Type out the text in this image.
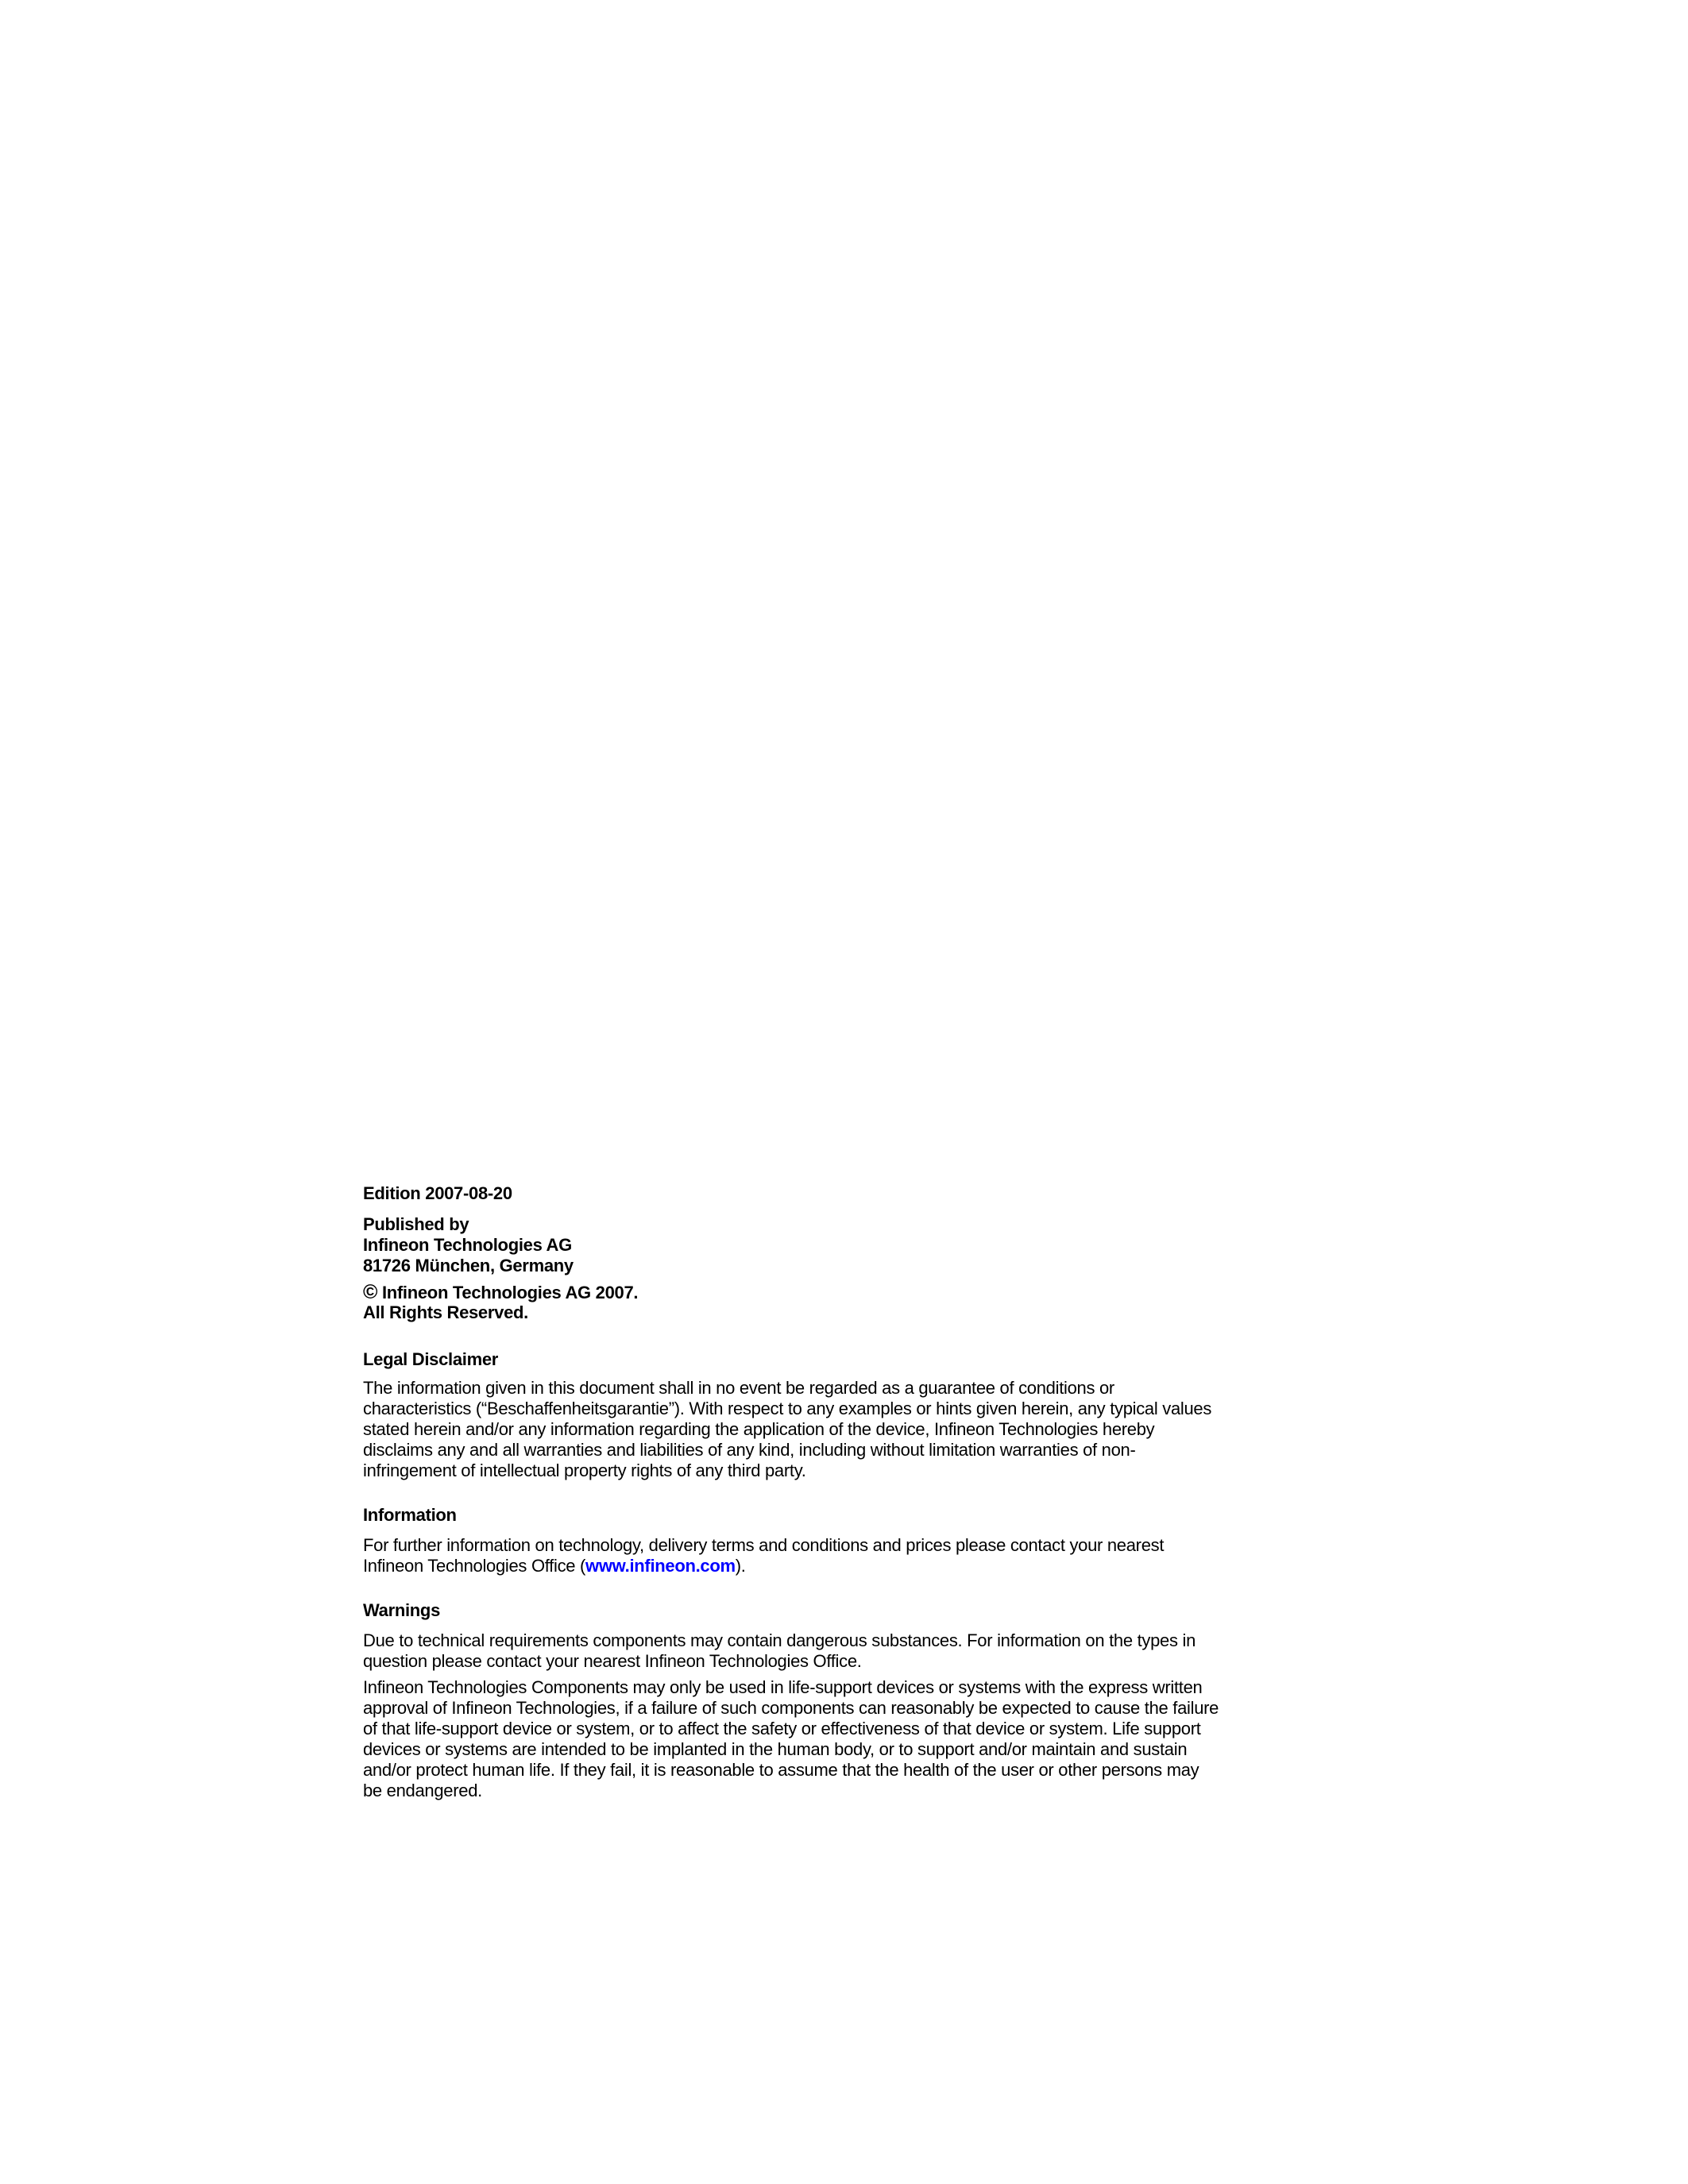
Edition 2007-08-20
Published by
Infineon Technologies AG
81726 München, Germany
© Infineon Technologies AG 2007.
All Rights Reserved.
Legal Disclaimer
The information given in this document shall in no event be regarded as a guarantee of conditions or
characteristics (“Beschaffenheitsgarantie”). With respect to any examples or hints given herein, any typical values
stated herein and/or any information regarding the application of the device, Infineon Technologies hereby
disclaims any and all warranties and liabilities of any kind, including without limitation warranties of non-
infringement of intellectual property rights of any third party.
Information
For further information on technology, delivery terms and conditions and prices please contact your nearest
Infineon Technologies Office (www.infineon.com).
Warnings
Due to technical requirements components may contain dangerous substances. For information on the types in
question please contact your nearest Infineon Technologies Office.
Infineon Technologies Components may only be used in life-support devices or systems with the express written
approval of Infineon Technologies, if a failure of such components can reasonably be expected to cause the failure
of that life-support device or system, or to affect the safety or effectiveness of that device or system. Life support
devices or systems are intended to be implanted in the human body, or to support and/or maintain and sustain
and/or protect human life. If they fail, it is reasonable to assume that the health of the user or other persons may
be endangered.
